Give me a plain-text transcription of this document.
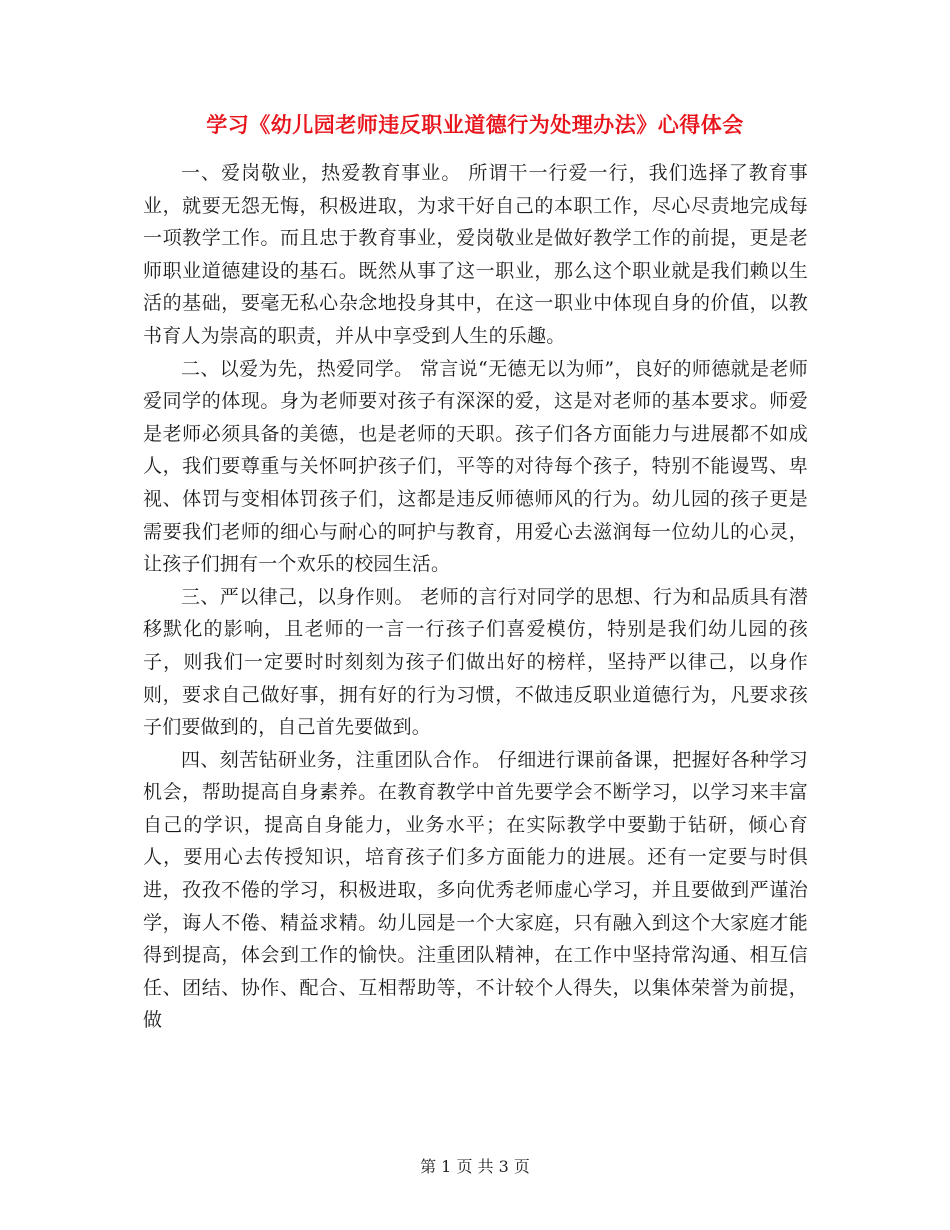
学习《幼儿园老师违反职业道德行为处理办法》心得体会

一、爱岗敬业，热爱教育事业。 所谓干一行爱一行，我们选择了教育事业，就要无怨无悔，积极进取，为求干好自己的本职工作，尽心尽责地完成每一项教学工作。而且忠于教育事业，爱岗敬业是做好教学工作的前提，更是老师职业道德建设的基石。既然从事了这一职业，那么这个职业就是我们赖以生活的基础，要毫无私心杂念地投身其中，在这一职业中体现自身的价值，以教书育人为崇高的职责，并从中享受到人生的乐趣。

二、以爱为先，热爱同学。 常言说“无德无以为师”，良好的师德就是老师爱同学的体现。身为老师要对孩子有深深的爱，这是对老师的基本要求。师爱是老师必须具备的美德，也是老师的天职。孩子们各方面能力与进展都不如成人，我们要尊重与关怀呵护孩子们，平等的对待每个孩子，特别不能谩骂、卑视、体罚与变相体罚孩子们，这都是违反师德师风的行为。幼儿园的孩子更是需要我们老师的细心与耐心的呵护与教育，用爱心去滋润每一位幼儿的心灵，让孩子们拥有一个欢乐的校园生活。

三、严以律己，以身作则。 老师的言行对同学的思想、行为和品质具有潜移默化的影响，且老师的一言一行孩子们喜爱模仿，特别是我们幼儿园的孩子，则我们一定要时时刻刻为孩子们做出好的榜样，坚持严以律己，以身作则，要求自己做好事，拥有好的行为习惯，不做违反职业道德行为，凡要求孩子们要做到的，自己首先要做到。

四、刻苦钻研业务，注重团队合作。 仔细进行课前备课，把握好各种学习机会，帮助提高自身素养。在教育教学中首先要学会不断学习，以学习来丰富自己的学识，提高自身能力，业务水平；在实际教学中要勤于钻研，倾心育人，要用心去传授知识，培育孩子们多方面能力的进展。还有一定要与时俱进，孜孜不倦的学习，积极进取，多向优秀老师虚心学习，并且要做到严谨治学，诲人不倦、精益求精。幼儿园是一个大家庭，只有融入到这个大家庭才能得到提高，体会到工作的愉快。注重团队精神，在工作中坚持常沟通、相互信任、团结、协作、配合、互相帮助等，不计较个人得失，以集体荣誉为前提，做

第 1 页 共 3 页
